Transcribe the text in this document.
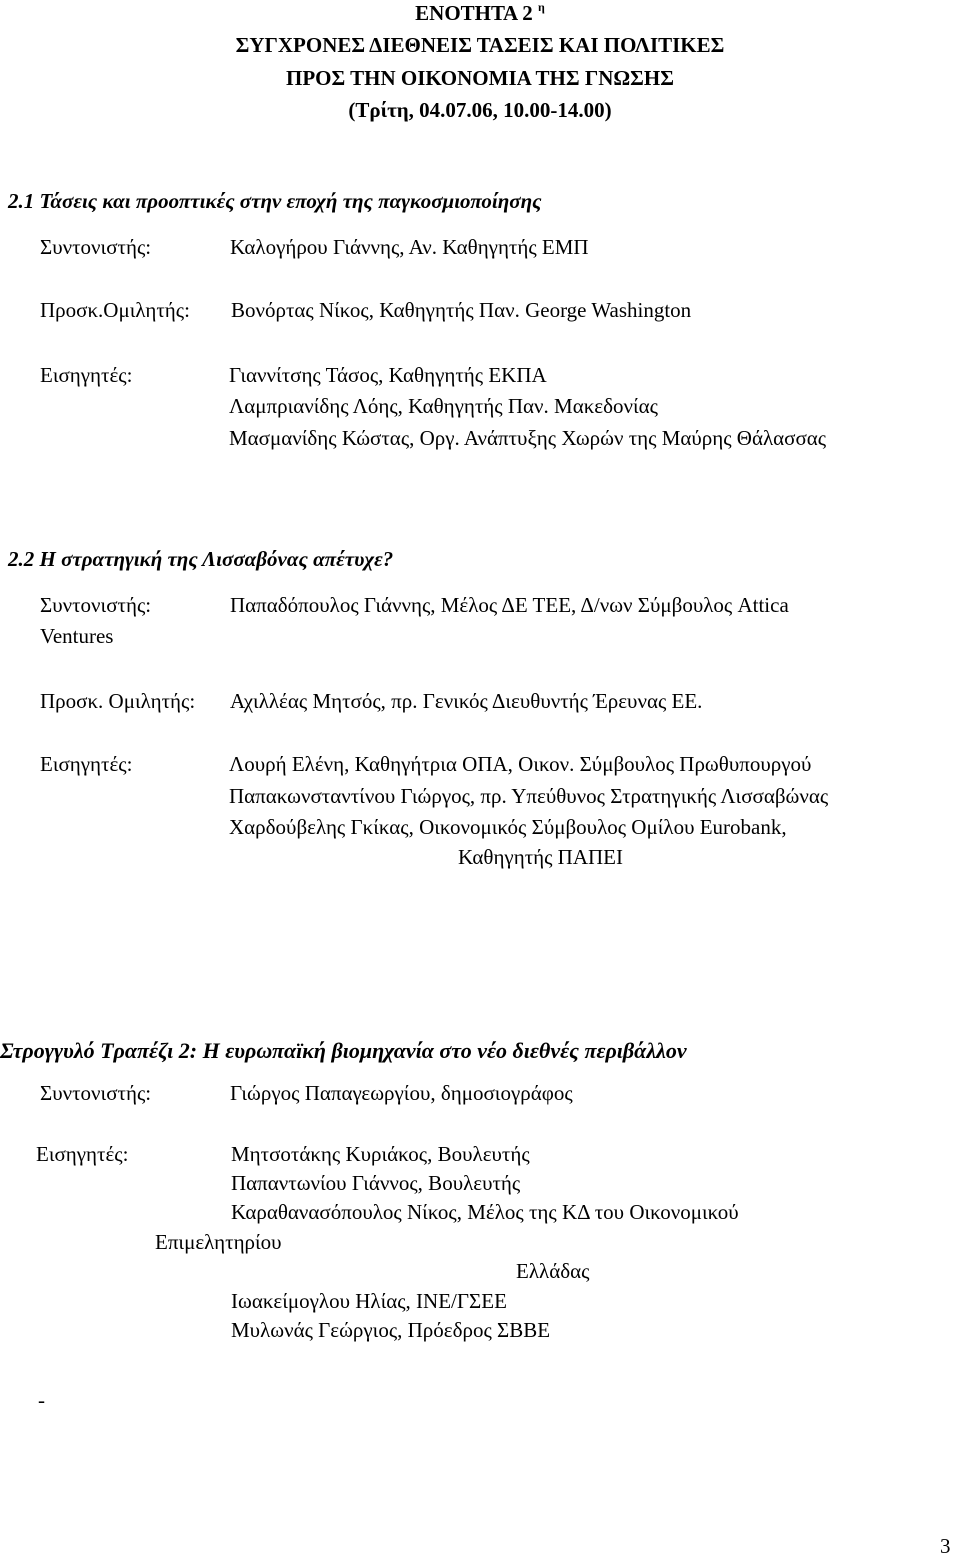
ΕΝΟΤΗΤΑ 2 $^\eta$
ΣΥΓΧΡΟΝΕΣ ΔΙΕΘΝΕΙΣ ΤΑΣΕΙΣ ΚΑΙ ΠΟΛΙΤΙΚΕΣ
ΠΡΟΣ ΤΗΝ ΟΙΚΟΝΟΜΙΑ ΤΗΣ ΓΝΩΣΗΣ
(Τρίτη, 04.07.06, 10.00-14.00)
2.1 Τάσεις και προοπτικές στην εποχή της παγκοσμιοποίησης
Συντονιστής:	Καλογήρου Γιάννης, Αν. Καθηγητής ΕΜΠ
Προσκ.Ομιλητής: Βονόρτας Νίκος, Καθηγητής Παν. George Washington
Εισηγητές:	Γιαννίτσης Τάσος, Καθηγητής ΕΚΠΑ
Λαμπριανίδης Λόης, Καθηγητής Παν. Μακεδονίας
Μασμανίδης Κώστας, Οργ. Ανάπτυξης Χωρών της Μαύρης Θάλασσας
2.2 Η στρατηγική της Λισσαβόνας απέτυχε?
Συντονιστής:	Παπαδόπουλος Γιάννης, Μέλος ΔΕ ΤΕΕ, Δ/νων Σύμβουλος Attica
Ventures
Προσκ. Ομιλητής: Αχιλλέας Μητσός, πρ. Γενικός Διευθυντής Έρευνας ΕΕ.
Εισηγητές:	Λουρή Ελένη, Καθηγήτρια ΟΠΑ, Οικον. Σύμβουλος Πρωθυπουργού
Παπακωνσταντίνου Γιώργος, πρ. Υπεύθυνος Στρατηγικής Λισσαβώνας
Χαρδούβελης Γκίκας, Οικονομικός Σύμβουλος Ομίλου Eurobank,
Καθηγητής ΠΑΠΕΙ
Στρογγυλό Τραπέζι 2: Η ευρωπαϊκή βιομηχανία στο νέο διεθνές περιβάλλον
Συντονιστής:	Γιώργος Παπαγεωργίου, δημοσιογράφος
Εισηγητές:	Μητσοτάκης Κυριάκος, Βουλευτής
Παπαντωνίου Γιάννος, Βουλευτής
Καραθανασόπουλος Νίκος, Μέλος της ΚΔ του Οικονομικού
Επιμελητηρίου
Ελλάδας
Ιωακείμογλου Ηλίας, ΙΝΕ/ΓΣΕΕ
Μυλωνάς Γεώργιος, Πρόεδρος ΣΒΒΕ
-
3
